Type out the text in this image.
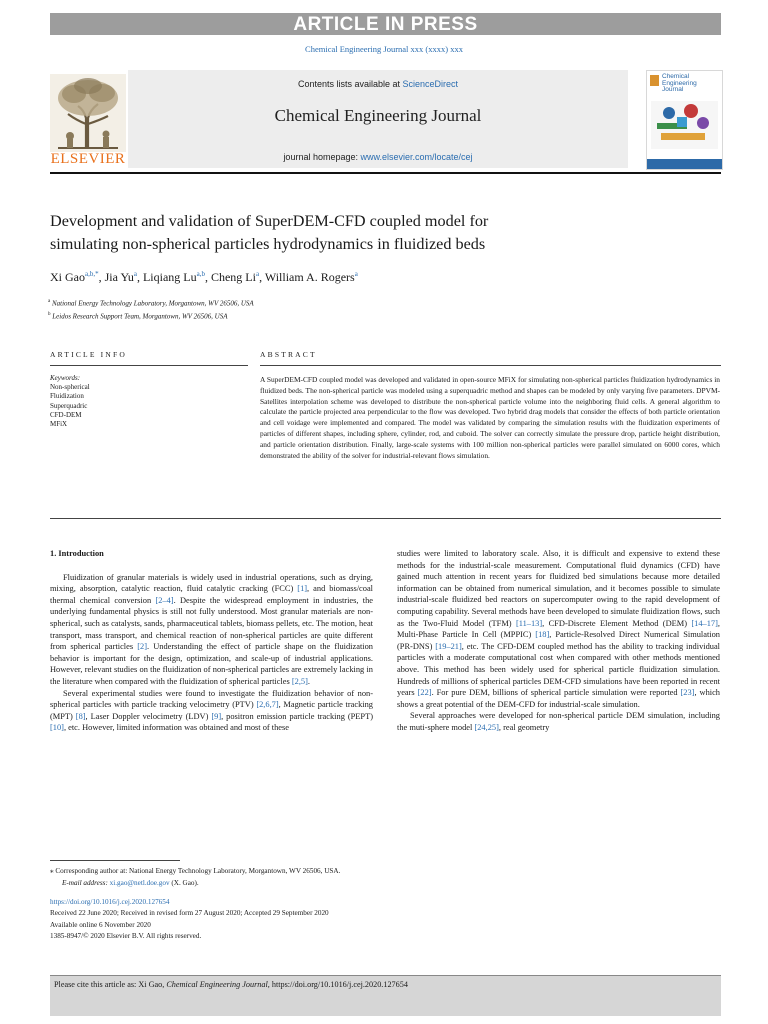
ARTICLE IN PRESS
Chemical Engineering Journal xxx (xxxx) xxx
ELSEVIER
Contents lists available at ScienceDirect
Chemical Engineering Journal
journal homepage: www.elsevier.com/locate/cej
Chemical
Engineering
Journal
Development and validation of SuperDEM-CFD coupled model for
simulating non-spherical particles hydrodynamics in fluidized beds
Xi Gao$^{a,b,*}$, Jia Yu$^a$, Liqiang Lu$^{a,b}$, Cheng Li$^a$, William A. Rogers$^a$
$^a$ National Energy Technology Laboratory, Morgantown, WV 26506, USA
$^b$ Leidos Research Support Team, Morgantown, WV 26506, USA
ARTICLE INFO	ABSTRACT
Keywords:
Non-spherical
Fluidization
Superquadric
CFD-DEM
MFiX
A SuperDEM-CFD coupled model was developed and validated in open-source MFiX for simulating non-spherical particles fluidization hydrodynamics in fluidized beds. The non-spherical particle was modeled using a superquadric method and shapes can be modeled by only varying five parameters. DPVM-Satellites interpolation scheme was developed to distribute the non-spherical particle volume into the neighboring fluid cells. A general algorithm to calculate the particle projected area perpendicular to the flow was developed. Two hybrid drag models that consider the effects of both particle orientation and cell voidage were implemented and compared. The model was validated by comparing the simulation results with the fluidization experiments of particles of different shapes, including sphere, cylinder, rod, and cuboid. The solver can correctly simulate the pressure drop, particle height distribution, and particle orientation distribution. Finally, large-scale systems with 100 million non-spherical particles were parallel simulated on 6000 cores, which demonstrated the ability of the solver for industrial-relevant flows simulation.

1. Introduction

Fluidization of granular materials is widely used in industrial operations, such as drying, mixing, absorption, catalytic reaction, fluid catalytic cracking (FCC) [1], and biomass/coal thermal chemical conversion [2–4]. Despite the widespread employment in industries, the underlying fundamental physics is still not fully understood. Most granular materials are non-spherical, such as catalysts, sands, pharmaceutical tablets, biomass pellets, etc. The motion, heat transport, mass transport, and chemical reaction of non-spherical particles are quite different from spherical particles [2]. Understanding the effect of particle shape on the fluidization behavior is important for the design, optimization, and scale-up of industrial applications. However, relevant studies on the fluidization of non-spherical particles are extremely lacking in the literature when compared with the fluidization of spherical particles [2,5].

Several experimental studies were found to investigate the fluidization behavior of non-spherical particles with particle tracking velocimetry (PTV) [2,6,7], Magnetic particle tracking (MPT) [8], Laser Doppler velocimetry (LDV) [9], positron emission particle tracking (PEPT) [10], etc. However, limited information was obtained and most of these

studies were limited to laboratory scale. Also, it is difficult and expensive to extend these methods for the industrial-scale measurement. Computational fluid dynamics (CFD) have gained much attention in recent years for fluidized bed simulations because more detailed information can be obtained from numerical simulation, and it becomes possible to simulate industrial-scale fluidized bed reactors on supercomputer owing to the rapid development of computing capability. Several methods have been developed to simulate fluidization flows, such as the Two-Fluid Model (TFM) [11–13], CFD-Discrete Element Method (DEM) [14–17], Multi-Phase Particle In Cell (MPPIC) [18], Particle-Resolved Direct Numerical Simulation (PR-DNS) [19–21], etc. The CFD-DEM coupled method has the ability to tracking individual particles with a moderate computational cost when compared with other methods mentioned above. This method has been widely used for spherical particle fluidization simulation. Hundreds of millions of spherical particles DEM-CFD simulations have been reported in recent years [22]. For pure DEM, billions of spherical particle simulation were reported [23], which shows a great potential of the DEM-CFD for industrial-scale simulation.

Several approaches were developed for non-spherical particle DEM simulation, including the muti-sphere model [24,25], real geometry

⁎ Corresponding author at: National Energy Technology Laboratory, Morgantown, WV 26506, USA.
E-mail address: xi.gao@netl.doe.gov (X. Gao).
https://doi.org/10.1016/j.cej.2020.127654
Received 22 June 2020; Received in revised form 27 August 2020; Accepted 29 September 2020
Available online 6 November 2020
1385-8947/© 2020 Elsevier B.V. All rights reserved.
Please cite this article as: Xi Gao, Chemical Engineering Journal, https://doi.org/10.1016/j.cej.2020.127654
